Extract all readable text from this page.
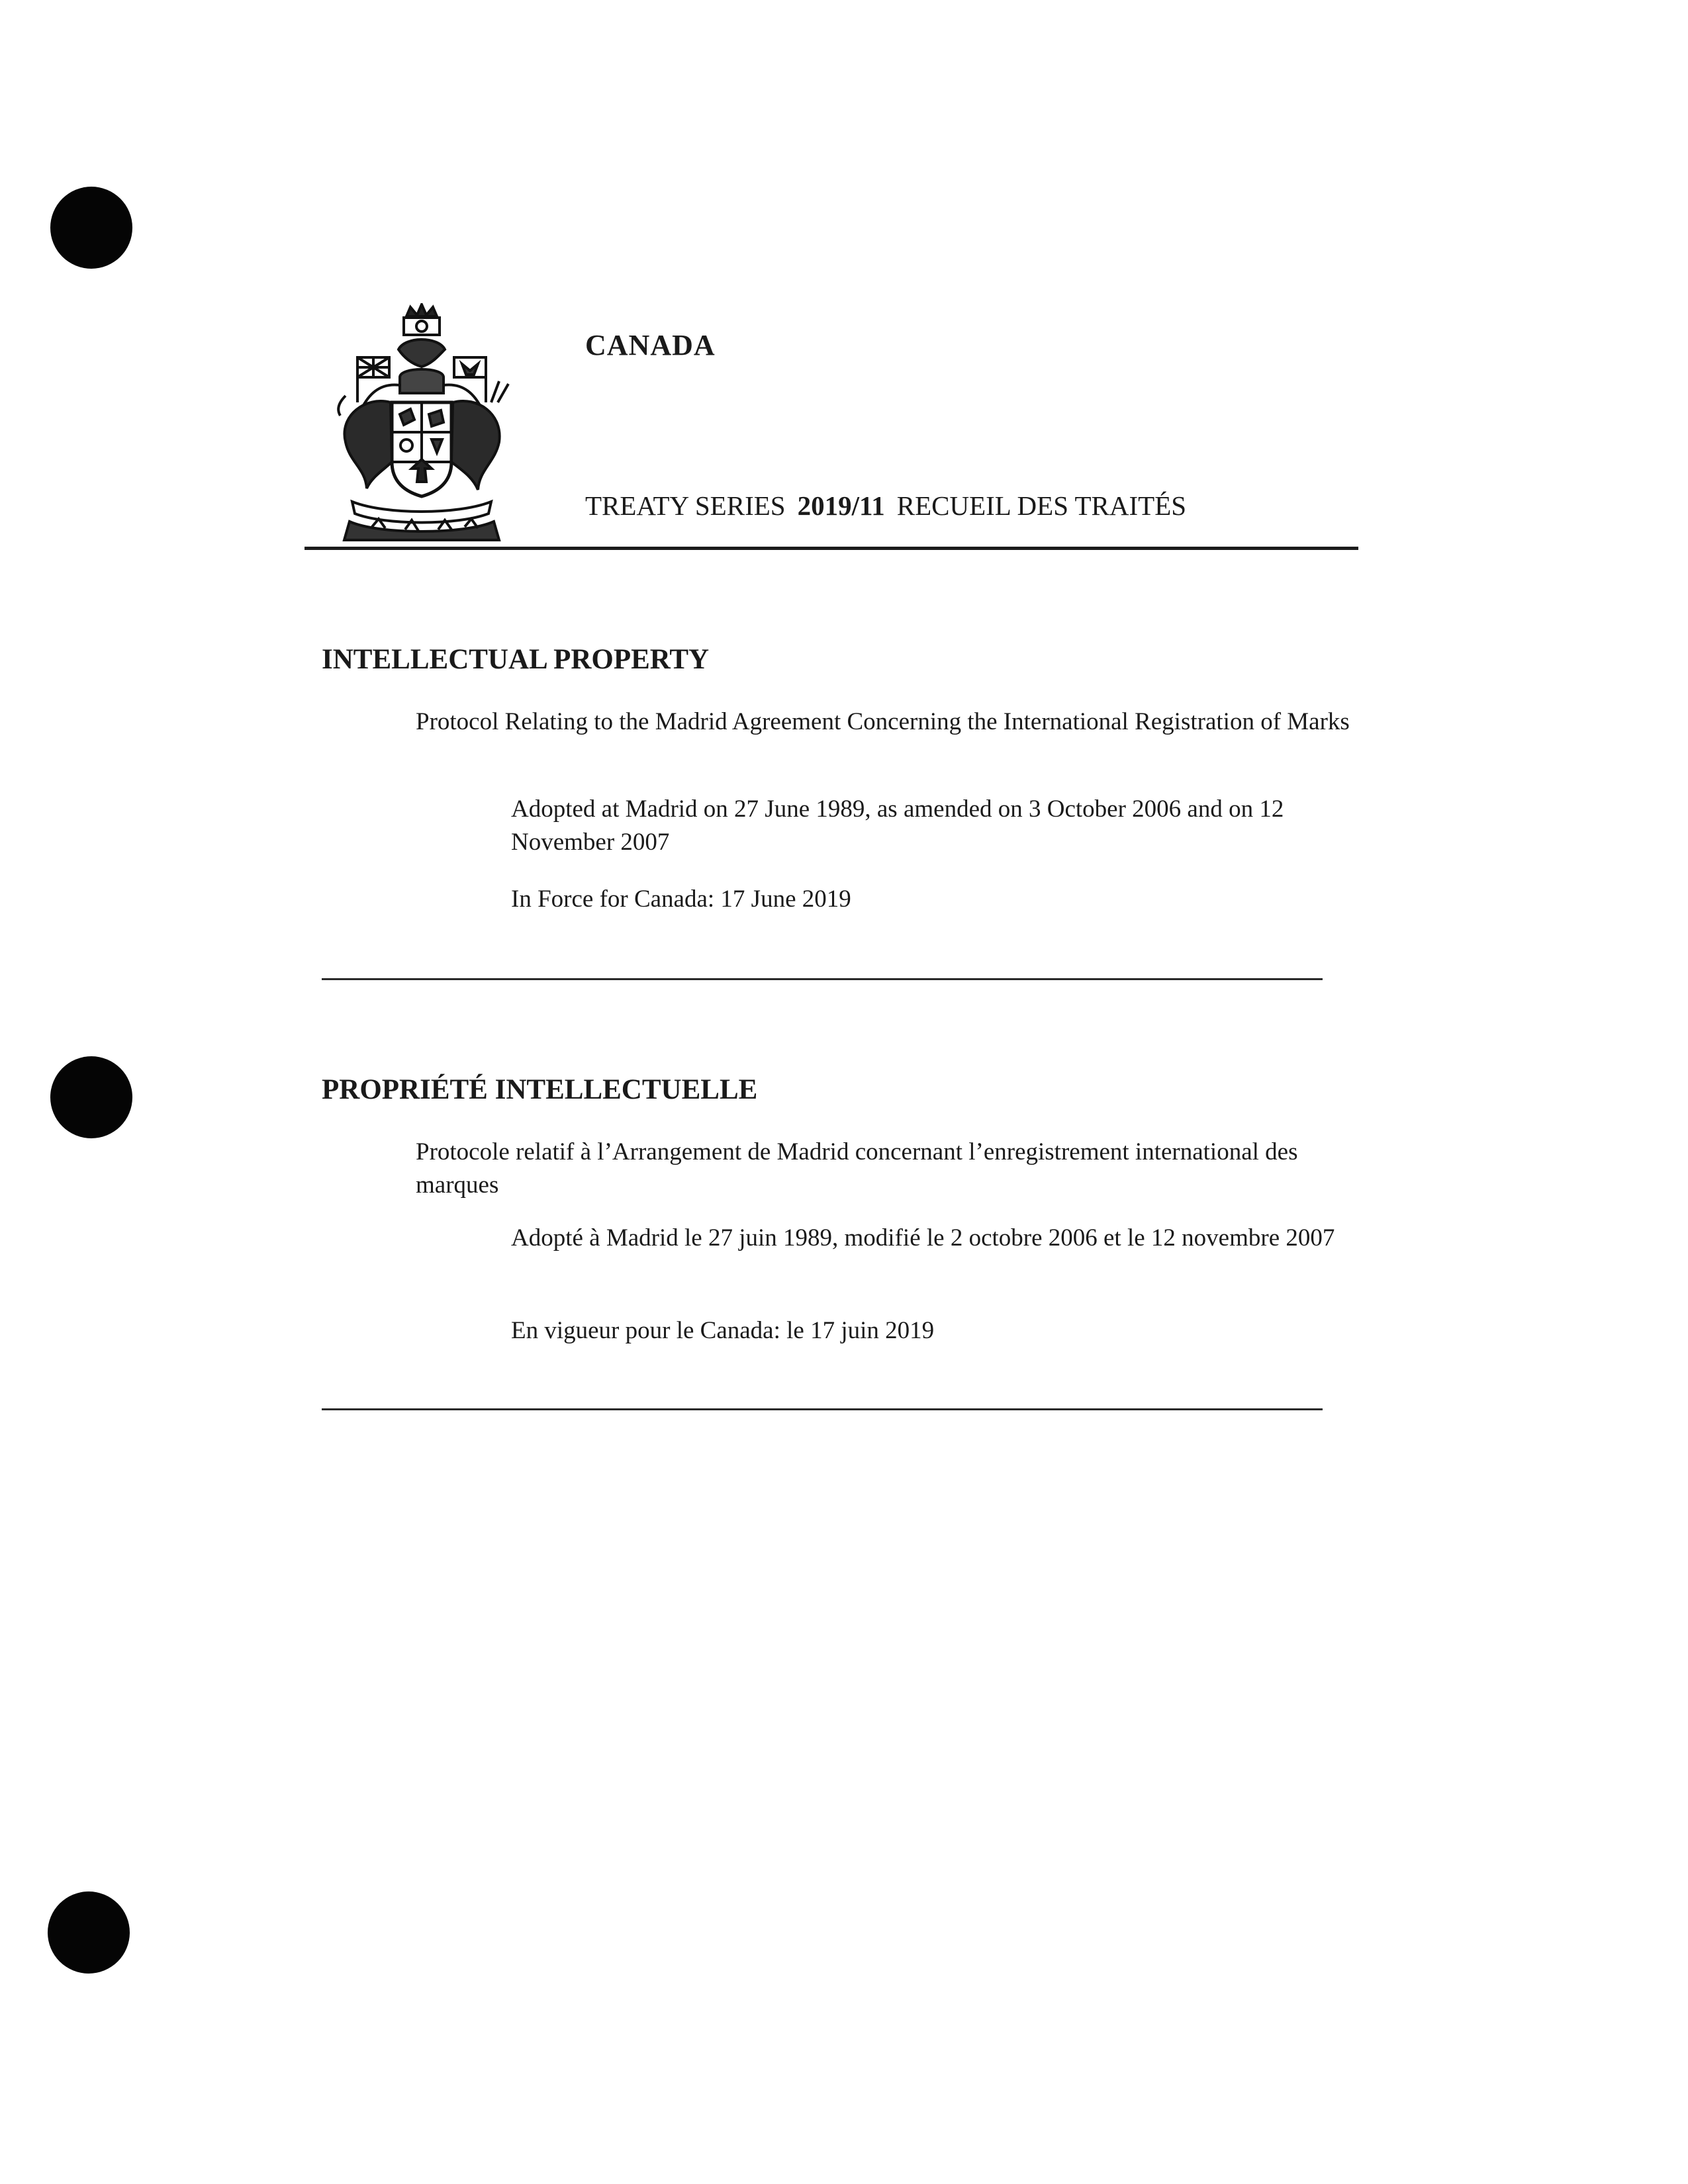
CANADA
TREATY SERIES 2019/11 RECUEIL DES TRAITÉS
INTELLECTUAL PROPERTY
Protocol Relating to the Madrid Agreement Concerning the International Registration of Marks
Adopted at Madrid on 27 June 1989, as amended on 3 October 2006 and on 12 November 2007
In Force for Canada: 17 June 2019
PROPRIÉTÉ INTELLECTUELLE
Protocole relatif à l’Arrangement de Madrid concernant l’enregistrement international des marques
Adopté à Madrid le 27 juin 1989, modifié le 2 octobre 2006 et le 12 novembre 2007
En vigueur pour le Canada: le 17 juin 2019
